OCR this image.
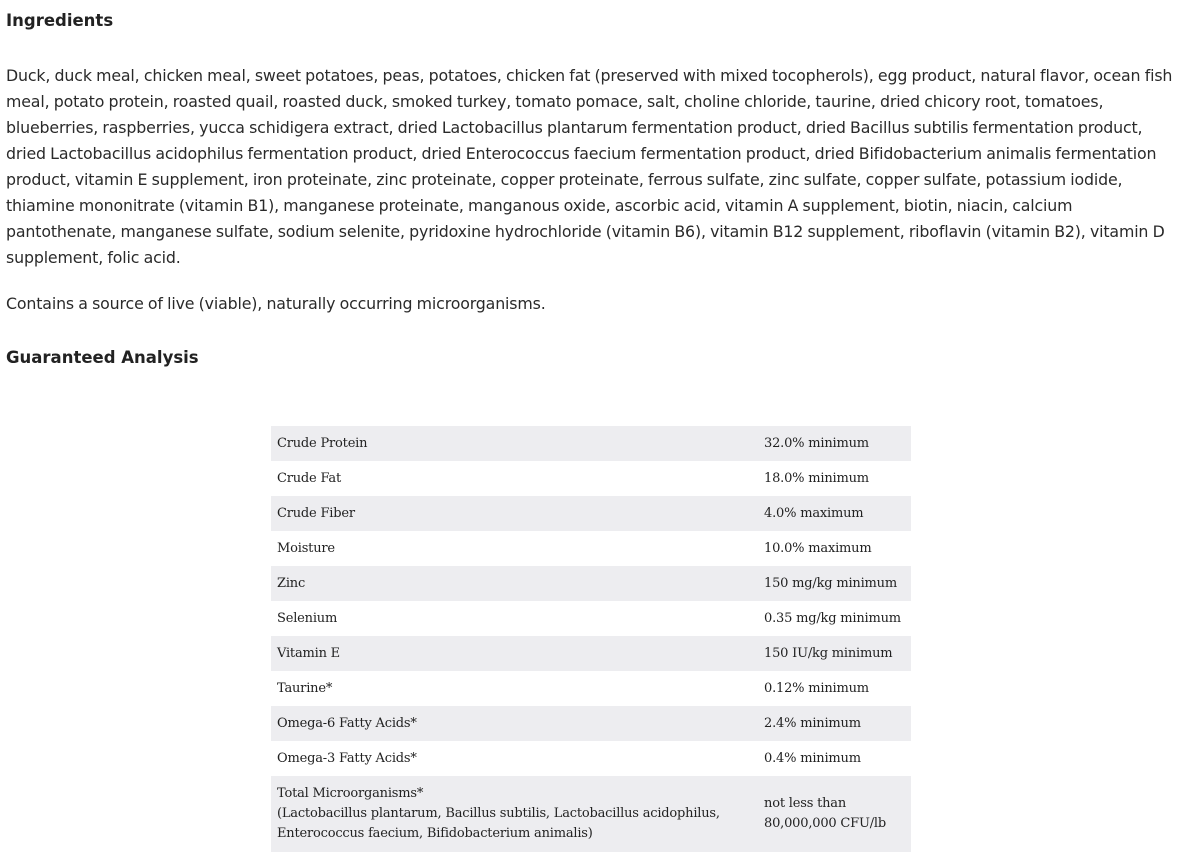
Ingredients

Duck, duck meal, chicken meal, sweet potatoes, peas, potatoes, chicken fat (preserved with mixed tocopherols), egg product, natural flavor, ocean fish meal, potato protein, roasted quail, roasted duck, smoked turkey, tomato pomace, salt, choline chloride, taurine, dried chicory root, tomatoes, blueberries, raspberries, yucca schidigera extract, dried Lactobacillus plantarum fermentation product, dried Bacillus subtilis fermentation product, dried Lactobacillus acidophilus fermentation product, dried Enterococcus faecium fermentation product, dried Bifidobacterium animalis fermentation product, vitamin E supplement, iron proteinate, zinc proteinate, copper proteinate, ferrous sulfate, zinc sulfate, copper sulfate, potassium iodide, thiamine mononitrate (vitamin B1), manganese proteinate, manganous oxide, ascorbic acid, vitamin A supplement, biotin, niacin, calcium pantothenate, manganese sulfate, sodium selenite, pyridoxine hydrochloride (vitamin B6), vitamin B12 supplement, riboflavin (vitamin B2), vitamin D supplement, folic acid.

Contains a source of live (viable), naturally occurring microorganisms.

Guaranteed Analysis
Crude Protein	32.0% minimum
Crude Fat	18.0% minimum
Crude Fiber	4.0% maximum
Moisture	10.0% maximum
Zinc	150 mg/kg minimum
Selenium	0.35 mg/kg minimum
Vitamin E	150 IU/kg minimum
Taurine*	0.12% minimum
Omega-6 Fatty Acids*	2.4% minimum
Omega-3 Fatty Acids*	0.4% minimum

Total Microorganisms*
(Lactobacillus plantarum, Bacillus subtilis, Lactobacillus acidophilus,
Enterococcus faecium, Bifidobacterium animalis)	not less than
80,000,000 CFU/lb
